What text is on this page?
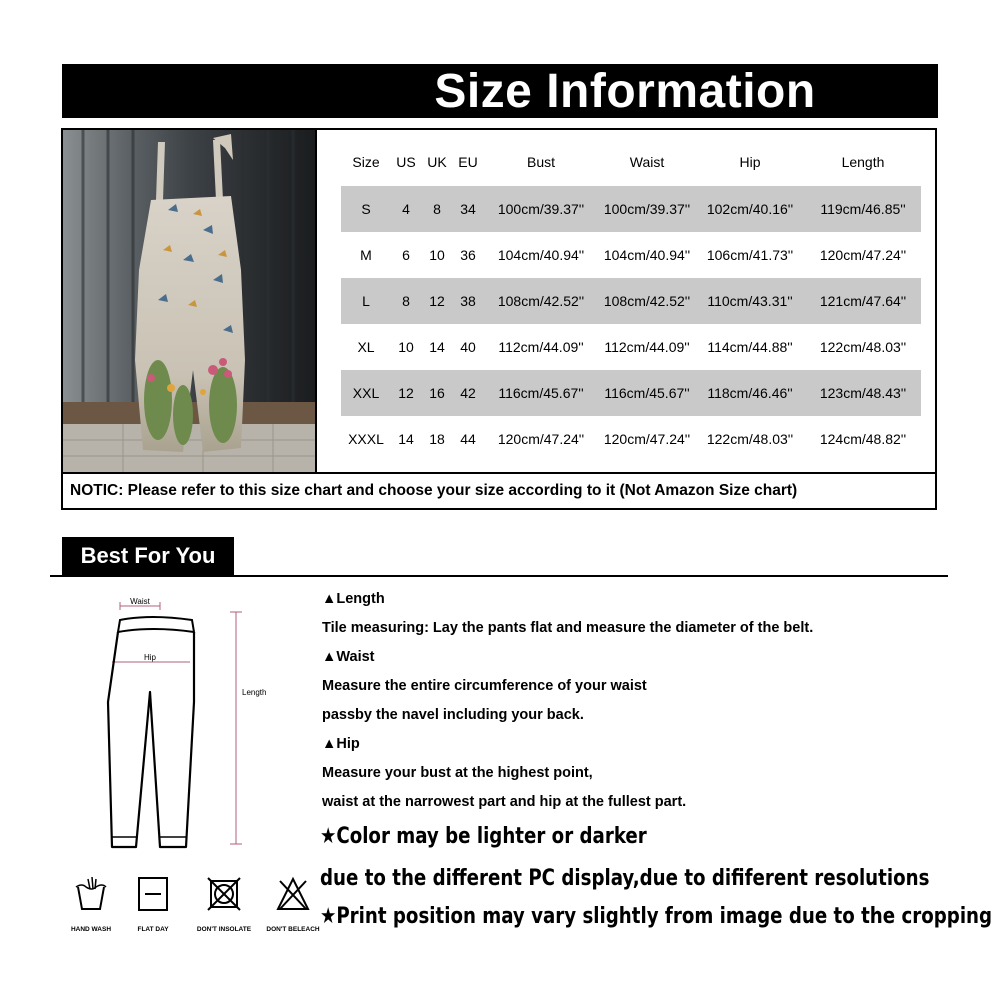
Size Information
Size	US	UK	EU	Bust	Waist	Hip	Length
S	4	8	34	100cm/39.37''	100cm/39.37''	102cm/40.16''	119cm/46.85''
M	6	10	36	104cm/40.94''	104cm/40.94''	106cm/41.73''	120cm/47.24''
L	8	12	38	108cm/42.52''	108cm/42.52''	110cm/43.31''	121cm/47.64''
XL	10	14	40	112cm/44.09''	112cm/44.09''	114cm/44.88''	122cm/48.03''
XXL	12	16	42	116cm/45.67''	116cm/45.67''	118cm/46.46''	123cm/48.43''
XXXL	14	18	44	120cm/47.24''	120cm/47.24''	122cm/48.03''	124cm/48.82''
NOTIC: Please refer to this size chart and choose your size according to it (Not Amazon Size chart)
Best For You
Waist
Hip
Length
HAND WASH	FLAT DAY	DON'T INSOLATE	DON'T BELEACH
▲Length
Tile measuring: Lay the pants flat and measure the diameter of the belt.
▲Waist
Measure the entire circumference of your waist
passby the navel including your back.
▲Hip
Measure your bust at the highest point,
waist at the narrowest part and hip at the fullest part.
★Color may be lighter or darker
due to the different PC display,due to dififerent resolutions
★Print position may vary slightly from image due to the cropping
